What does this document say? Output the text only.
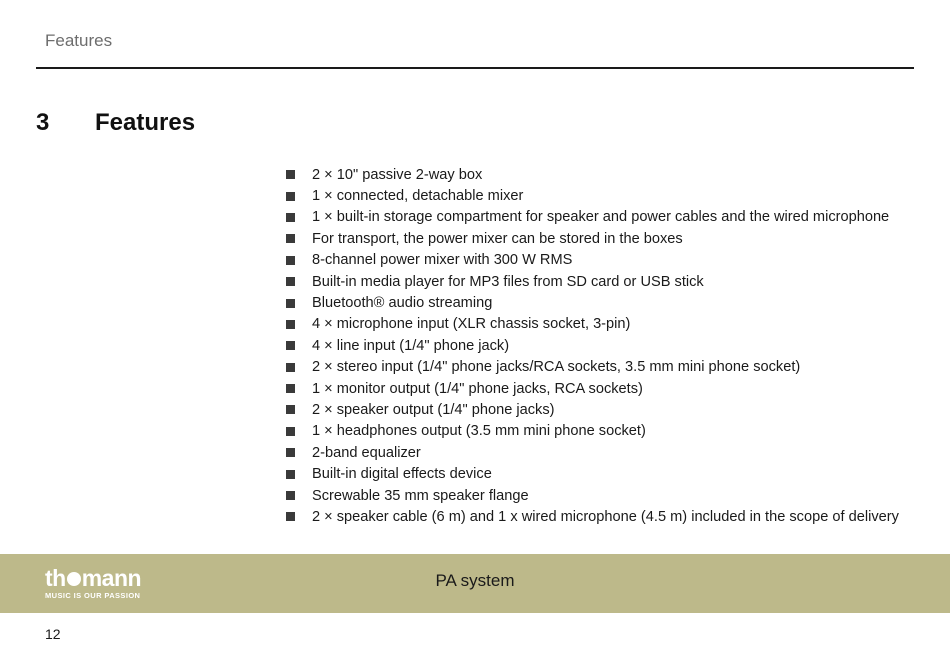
Features
3 Features
2 × 10" passive 2-way box
1 × connected, detachable mixer
1 × built-in storage compartment for speaker and power cables and the wired microphone
For transport, the power mixer can be stored in the boxes
8-channel power mixer with 300 W RMS
Built-in media player for MP3 files from SD card or USB stick
Bluetooth® audio streaming
4 × microphone input (XLR chassis socket, 3-pin)
4 × line input (1/4" phone jack)
2 × stereo input (1/4" phone jacks/RCA sockets, 3.5 mm mini phone socket)
1 × monitor output (1/4" phone jacks, RCA sockets)
2 × speaker output (1/4" phone jacks)
1 × headphones output (3.5 mm mini phone socket)
2-band equalizer
Built-in digital effects device
Screwable 35 mm speaker flange
2 × speaker cable (6 m) and 1 x wired microphone (4.5 m) included in the scope of delivery
th mann
MUSIC IS OUR PASSION
PA system
12
